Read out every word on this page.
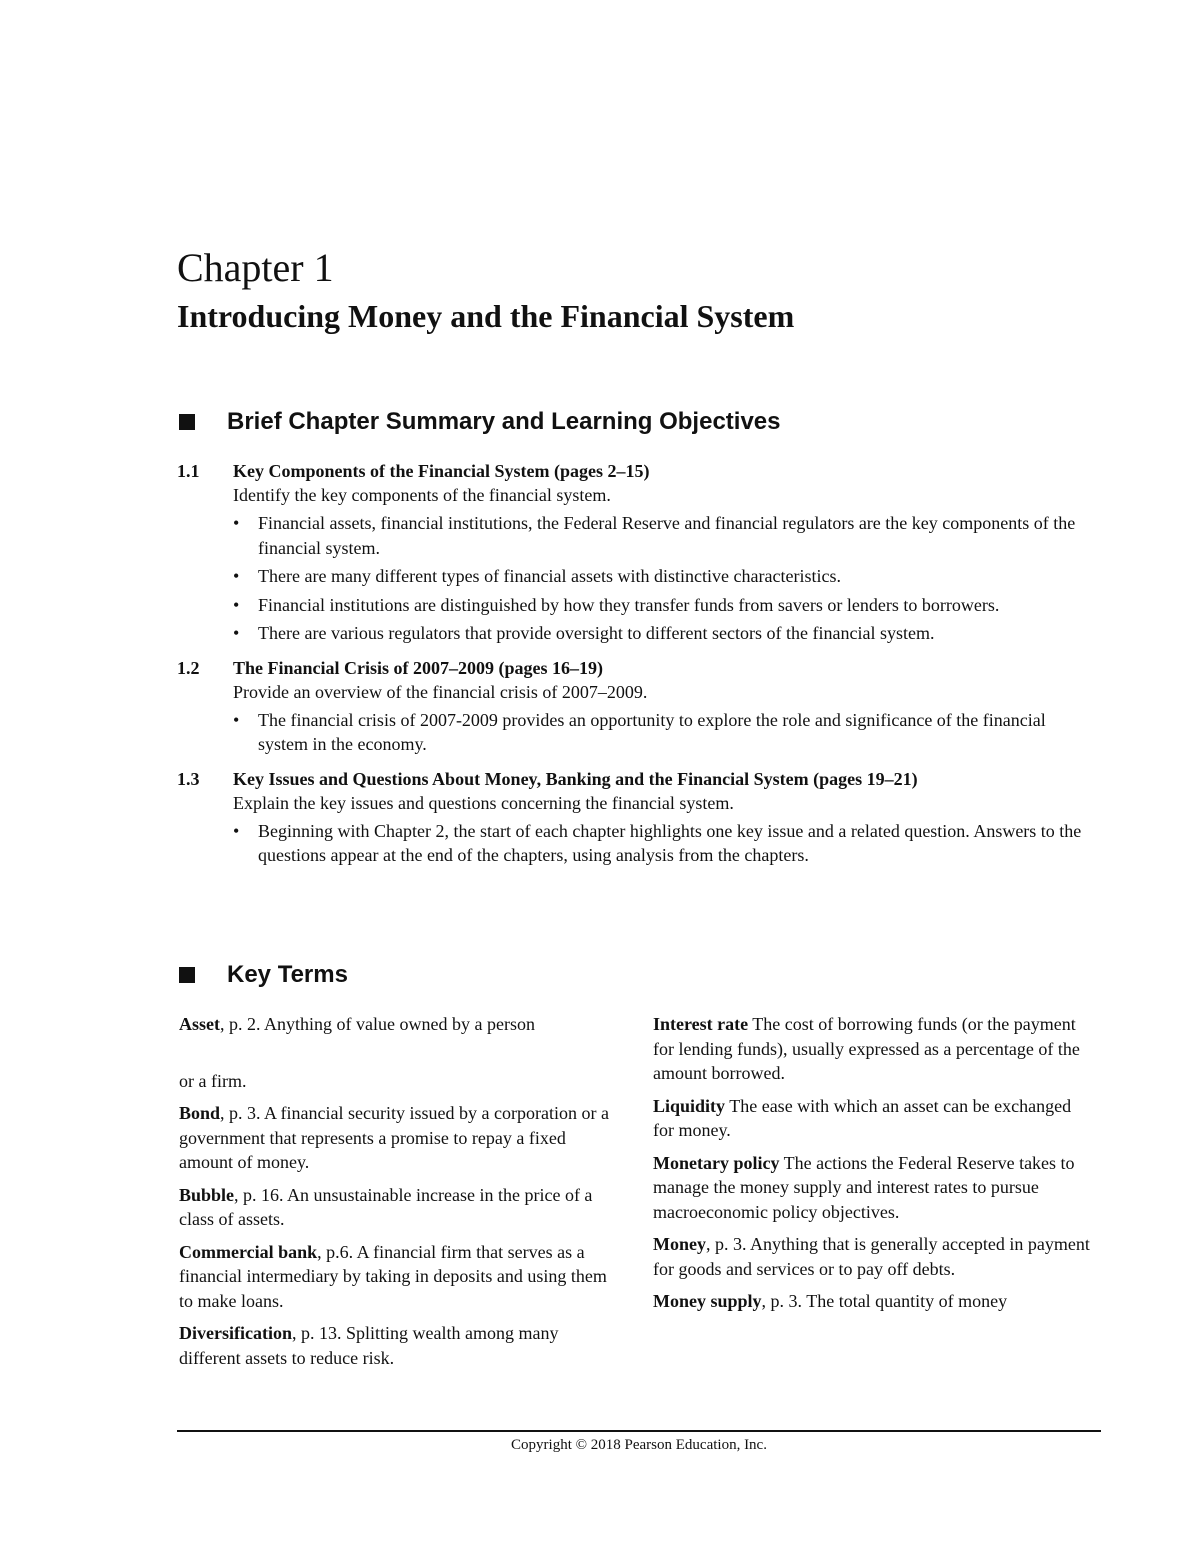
Chapter 1
Introducing Money and the Financial System
Brief Chapter Summary and Learning Objectives
1.1	Key Components of the Financial System (pages 2–15)
Identify the key components of the financial system.
•	Financial assets, financial institutions, the Federal Reserve and financial regulators are the key components of the financial system.
•	There are many different types of financial assets with distinctive characteristics.
•	Financial institutions are distinguished by how they transfer funds from savers or lenders to borrowers.
•	There are various regulators that provide oversight to different sectors of the financial system.
1.2	The Financial Crisis of 2007–2009 (pages 16–19)
Provide an overview of the financial crisis of 2007–2009.
•	The financial crisis of 2007-2009 provides an opportunity to explore the role and significance of the financial system in the economy.
1.3	Key Issues and Questions About Money, Banking and the Financial System (pages 19–21)
Explain the key issues and questions concerning the financial system.
•	Beginning with Chapter 2, the start of each chapter highlights one key issue and a related question. Answers to the questions appear at the end of the chapters, using analysis from the chapters.
Key Terms
Asset, p. 2. Anything of value owned by a person
or a firm.
Bond, p. 3. A financial security issued by a corporation or a government that represents a promise to repay a fixed amount of money.
Bubble, p. 16. An unsustainable increase in the price of a class of assets.
Commercial bank, p.6. A financial firm that serves as a financial intermediary by taking in deposits and using them to make loans.
Diversification, p. 13. Splitting wealth among many different assets to reduce risk.
Interest rate The cost of borrowing funds (or the payment for lending funds), usually expressed as a percentage of the amount borrowed.
Liquidity The ease with which an asset can be exchanged for money.
Monetary policy The actions the Federal Reserve takes to manage the money supply and interest rates to pursue macroeconomic policy objectives.
Money, p. 3. Anything that is generally accepted in payment for goods and services or to pay off debts.
Money supply, p. 3. The total quantity of money
Copyright © 2018 Pearson Education, Inc.
